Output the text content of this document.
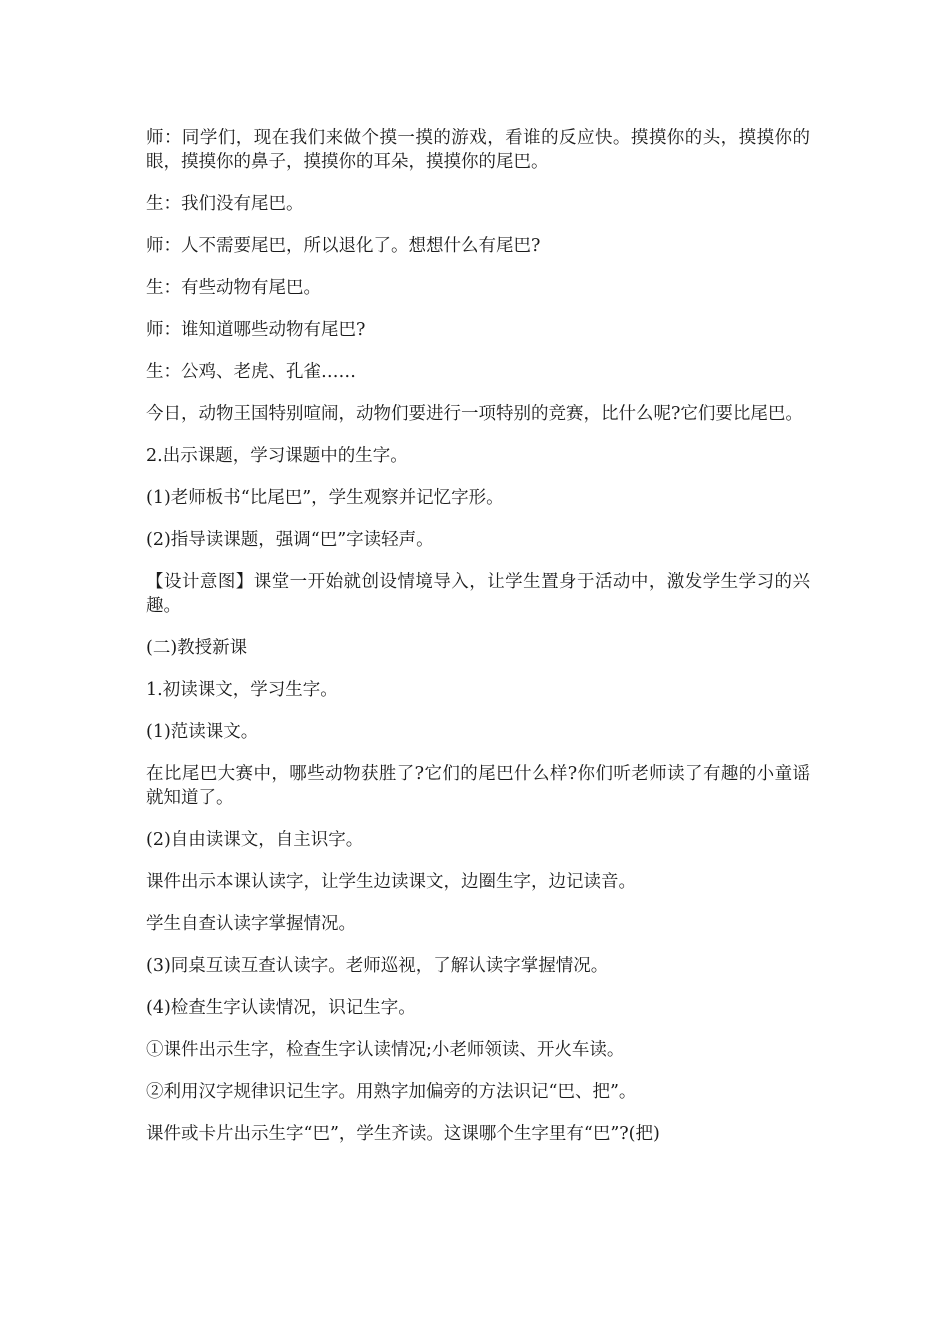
师：同学们，现在我们来做个摸一摸的游戏，看谁的反应快。摸摸你的头，摸摸你的眼，摸摸你的鼻子，摸摸你的耳朵，摸摸你的尾巴。

生：我们没有尾巴。

师：人不需要尾巴，所以退化了。想想什么有尾巴?

生：有些动物有尾巴。

师：谁知道哪些动物有尾巴?

生：公鸡、老虎、孔雀……

今日，动物王国特别喧闹，动物们要进行一项特别的竞赛，比什么呢?它们要比尾巴。

2.出示课题，学习课题中的生字。

(1)老师板书“比尾巴”，学生观察并记忆字形。

(2)指导读课题，强调“巴”字读轻声。

【设计意图】课堂一开始就创设情境导入，让学生置身于活动中，激发学生学习的兴趣。

(二)教授新课

1.初读课文，学习生字。

(1)范读课文。

在比尾巴大赛中，哪些动物获胜了?它们的尾巴什么样?你们听老师读了有趣的小童谣就知道了。

(2)自由读课文，自主识字。

课件出示本课认读字，让学生边读课文，边圈生字，边记读音。

学生自查认读字掌握情况。

(3)同桌互读互查认读字。老师巡视，了解认读字掌握情况。

(4)检查生字认读情况，识记生字。

①课件出示生字，检查生字认读情况;小老师领读、开火车读。

②利用汉字规律识记生字。用熟字加偏旁的方法识记“巴、把”。

课件或卡片出示生字“巴”，学生齐读。这课哪个生字里有“巴”?(把)
